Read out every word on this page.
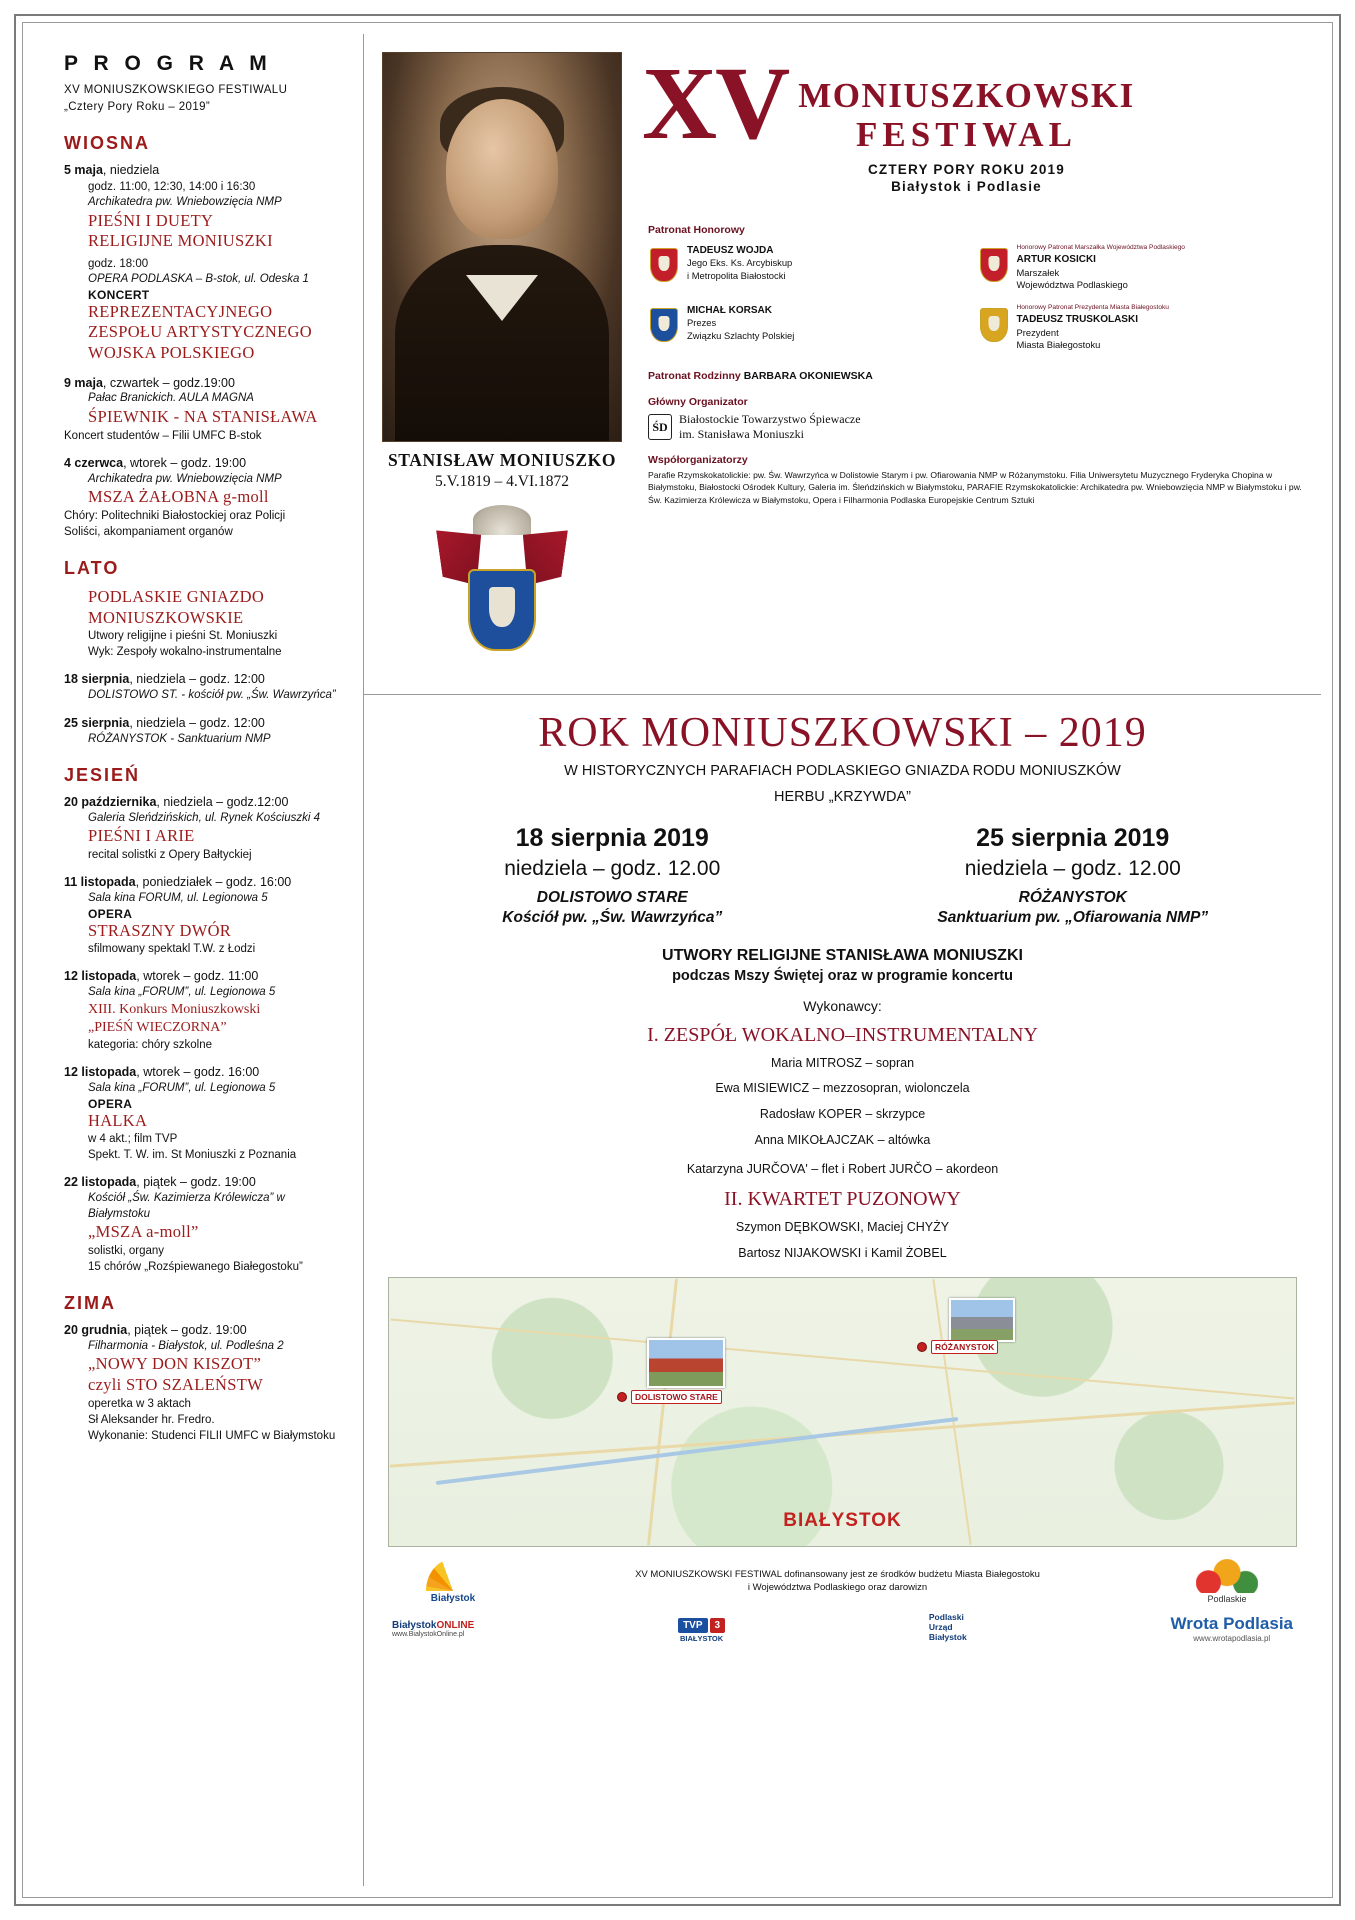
P R O G R A M
XV MONIUSZKOWSKIEGO FESTIWALU
„Cztery Pory Roku – 2019”
WIOSNA
5 maja, niedziela
godz. 11:00, 12:30, 14:00 i 16:30
Archikatedra pw. Wniebowzięcia NMP
PIEŚNI I DUETY
RELIGIJNE MONIUSZKI
godz. 18:00
OPERA PODLASKA – B-stok, ul. Odeska 1
KONCERT
REPREZENTACYJNEGO
ZESPOŁU ARTYSTYCZNEGO
WOJSKA POLSKIEGO
9 maja, czwartek – godz.19:00
Pałac Branickich. AULA MAGNA
ŚPIEWNIK - NA STANISŁAWA
Koncert studentów – Filii UMFC B-stok
4 czerwca, wtorek – godz. 19:00
Archikatedra pw. Wniebowzięcia NMP
MSZA ŻAŁOBNA g-moll
Chóry: Politechniki Białostockiej oraz Policji
Soliści, akompaniament organów
LATO
PODLASKIE GNIAZDO
MONIUSZKOWSKIE
Utwory religijne i pieśni St. Moniuszki
Wyk: Zespoły wokalno-instrumentalne
18 sierpnia, niedziela – godz. 12:00
DOLISTOWO ST. - kościół pw. „Św. Wawrzyńca”
25 sierpnia, niedziela – godz. 12:00
RÓŻANYSTOK - Sanktuarium NMP
JESIEŃ
20 października, niedziela – godz.12:00
Galeria Sleńdzińskich, ul. Rynek Kościuszki 4
PIEŚNI I ARIE
recital solistki z Opery Bałtyckiej
11 listopada, poniedziałek – godz. 16:00
Sala kina FORUM, ul. Legionowa 5
OPERA
STRASZNY DWÓR
sfilmowany spektakl T.W. z Łodzi
12 listopada, wtorek – godz. 11:00
Sala kina „FORUM”, ul. Legionowa 5
XIII. Konkurs Moniuszkowski
„PIEŚŃ WIECZORNA”
kategoria: chóry szkolne
12 listopada, wtorek – godz. 16:00
Sala kina „FORUM”, ul. Legionowa 5
OPERA
HALKA
w 4 akt.; film TVP
Spekt. T. W. im. St Moniuszki z Poznania
22 listopada, piątek – godz. 19:00
Kościół „Św. Kazimierza Królewicza” w Białymstoku
„MSZA a-moll”
solistki, organy
15 chórów „Rozśpiewanego Białegostoku”
ZIMA
20 grudnia, piątek – godz. 19:00
Filharmonia - Białystok, ul. Podleśna 2
„NOWY DON KISZOT”
czyli STO SZALEŃSTW
operetka w 3 aktach
Sł Aleksander hr. Fredro.
Wykonanie: Studenci FILII UMFC w Białymstoku
STANISŁAW MONIUSZKO
5.V.1819 – 4.VI.1872
XV MONIUSZKOWSKI
FESTIWAL
CZTERY PORY ROKU 2019
Białystok i Podlasie
Patronat Honorowy
TADEUSZ WOJDA
Jego Eks. Ks. Arcybiskup
i Metropolita Białostocki
Honorowy Patronat Marszałka Województwa Podlaskiego
ARTUR KOSICKI
Marszałek
Województwa Podlaskiego
MICHAŁ KORSAK
Prezes
Związku Szlachty Polskiej
Honorowy Patronat Prezydenta Miasta Białegostoku
TADEUSZ TRUSKOLASKI
Prezydent
Miasta Białegostoku
Patronat Rodzinny BARBARA OKONIEWSKA
Główny Organizator
ŚD
Białostockie Towarzystwo Śpiewacze
im. Stanisława Moniuszki
Współorganizatorzy
Parafie Rzymskokatolickie: pw. Św. Wawrzyńca w Dolistowie Starym i pw. Ofiarowania NMP w Różanymstoku. Filia Uniwersytetu Muzycznego Fryderyka Chopina w Białymstoku, Białostocki Ośrodek Kultury, Galeria im. Śleńdzińskich w Białymstoku, PARAFIE Rzymskokatolickie: Archikatedra pw. Wniebowzięcia NMP w Białymstoku i pw. Św. Kazimierza Królewicza w Białymstoku, Opera i Filharmonia Podlaska Europejskie Centrum Sztuki
ROK MONIUSZKOWSKI – 2019
W HISTORYCZNYCH PARAFIACH PODLASKIEGO GNIAZDA RODU MONIUSZKÓW
HERBU „KRZYWDA”
18 sierpnia 2019
niedziela – godz. 12.00
DOLISTOWO STARE
Kościół pw. „Św. Wawrzyńca”
25 sierpnia 2019
niedziela – godz. 12.00
RÓŻANYSTOK
Sanktuarium pw. „Ofiarowania NMP”
UTWORY RELIGIJNE STANISŁAWA MONIUSZKI
podczas Mszy Świętej oraz w programie koncertu
Wykonawcy:
I. ZESPÓŁ WOKALNO–INSTRUMENTALNY
Maria MITROSZ – sopran
Ewa MISIEWICZ – mezzosopran, wiolonczela
Radosław KOPER – skrzypce
Anna MIKOŁAJCZAK – altówka
Katarzyna JURČOVA' – flet i Robert JURČO – akordeon
II. KWARTET PUZONOWY
Szymon DĘBKOWSKI, Maciej CHYŻY
Bartosz NIJAKOWSKI i Kamil ŻOBEL
DOLISTOWO STARE
RÓŻANYSTOK
BIAŁYSTOK
Białystok
XV MONIUSZKOWSKI FESTIWAL dofinansowany jest ze środków budżetu Miasta Białegostoku
i Województwa Podlaskiego oraz darowizn
Podlaskie
BiałystokONLINE
www.BialystokOnline.pl
TVP 3
BIAŁYSTOK
Podlaski
Urząd
Białystok
Wrota Podlasia
www.wrotapodlasia.pl
